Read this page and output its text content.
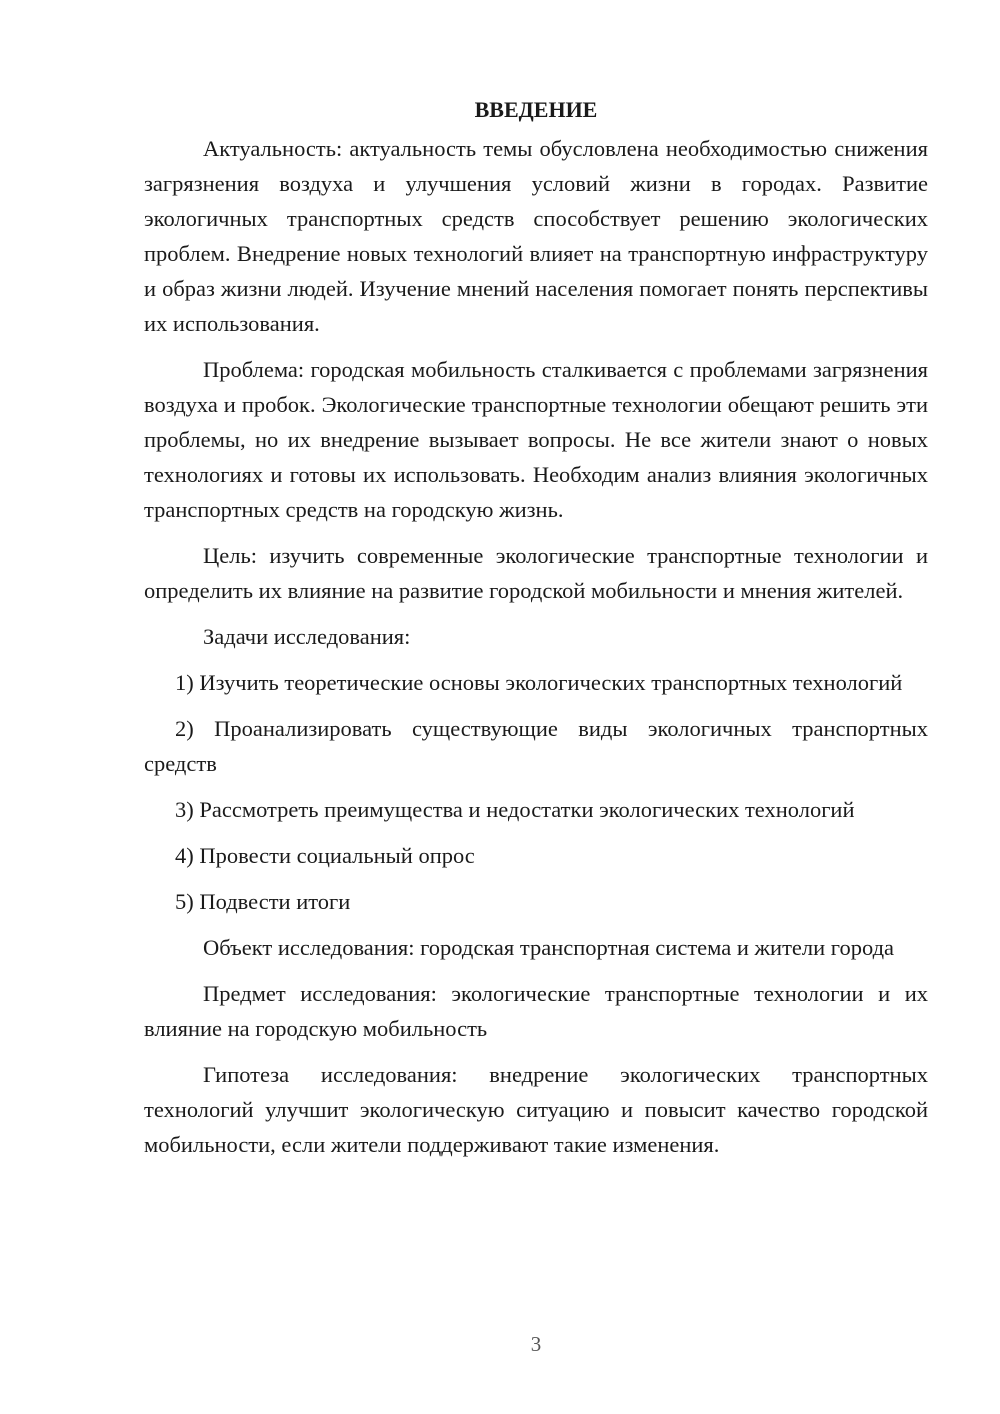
ВВЕДЕНИЕ

Актуальность: актуальность темы обусловлена необходимостью снижения загрязнения воздуха и улучшения условий жизни в городах. Развитие экологичных транспортных средств способствует решению экологических проблем. Внедрение новых технологий влияет на транспортную инфраструктуру и образ жизни людей. Изучение мнений населения помогает понять перспективы их использования.

Проблема: городская мобильность сталкивается с проблемами загрязнения воздуха и пробок. Экологические транспортные технологии обещают решить эти проблемы, но их внедрение вызывает вопросы. Не все жители знают о новых технологиях и готовы их использовать. Необходим анализ влияния экологичных транспортных средств на городскую жизнь.

Цель: изучить современные экологические транспортные технологии и определить их влияние на развитие городской мобильности и мнения жителей.

Задачи исследования:

1) Изучить теоретические основы экологических транспортных технологий

2) Проанализировать существующие виды экологичных транспортных средств

3) Рассмотреть преимущества и недостатки экологических технологий

4) Провести социальный опрос

5) Подвести итоги

Объект исследования: городская транспортная система и жители города

Предмет исследования: экологические транспортные технологии и их влияние на городскую мобильность

Гипотеза исследования: внедрение экологических транспортных технологий улучшит экологическую ситуацию и повысит качество городской мобильности, если жители поддерживают такие изменения.

3
